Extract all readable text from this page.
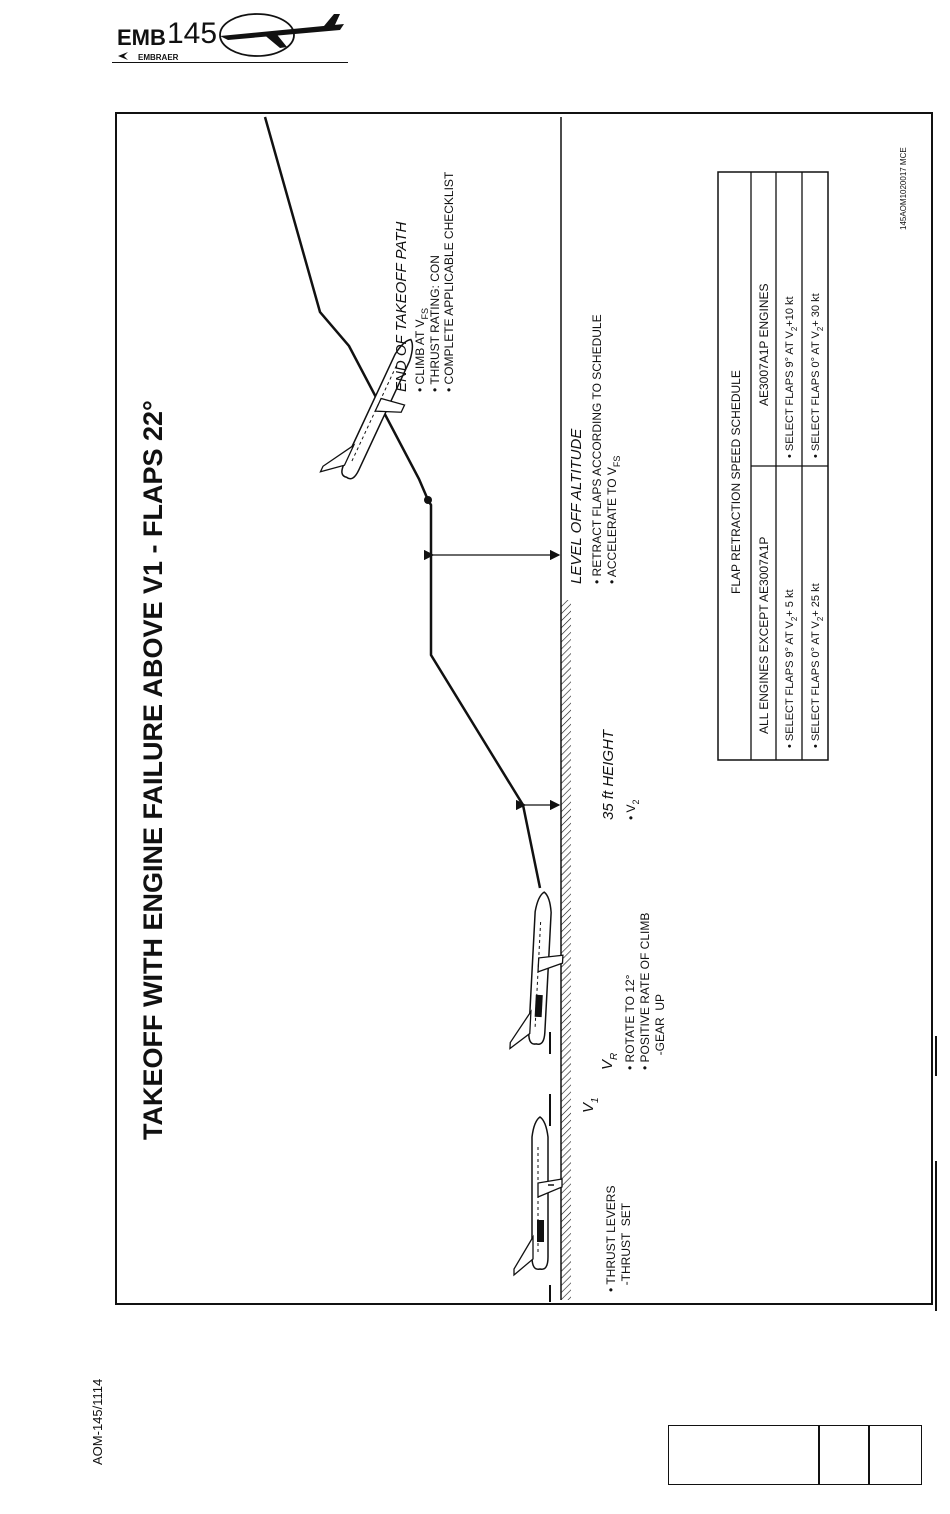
EMB 145
EMBRAER
TAKEOFF WITH ENGINE FAILURE ABOVE V1 - FLAPS 22°
• THRUST LEVERS -THRUST  SET
$V_1$
$V_R$ • ROTATE TO 12° • POSITIVE RATE OF CLIMB -GEAR  UP
35 ft HEIGHT • $V_2$
LEVEL OFF ALTITUDE • RETRACT FLAPS ACCORDING TO SCHEDULE • ACCELERATE TO $V_{FS}$
END OF TAKEOFF PATH • CLIMB AT $V_{FS}$
• THRUST RATING: CON • COMPLETE APPLICABLE CHECKLIST
FLAP RETRACTION SPEED SCHEDULE
ALL ENGINES EXCEPT AE3007A1P
AE3007A1P ENGINES
• SELECT FLAPS 9° AT $V_2+ 5$ kt
• SELECT FLAPS 0° AT $V_2+ 25$ kt
• SELECT FLAPS 9° AT $V_2+10$ kt
• SELECT FLAPS 0° AT $V_2+ 30$ kt
145AOM1020017 MCE
AOM-145/1114
